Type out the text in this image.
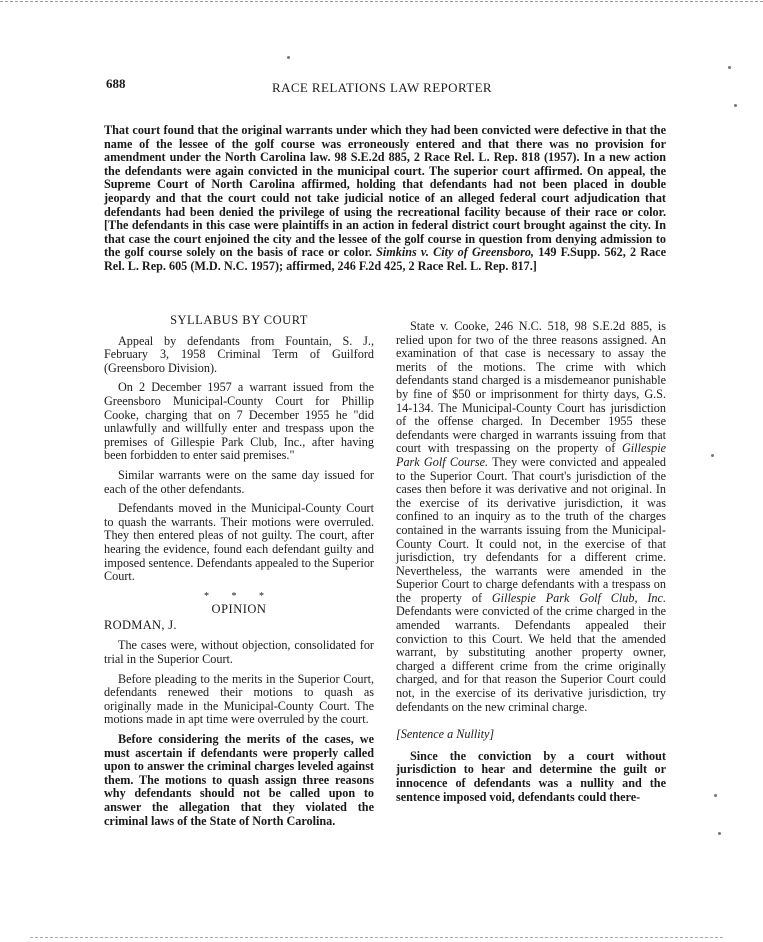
688	RACE RELATIONS LAW REPORTER
That court found that the original warrants under which they had been convicted were defective in that the name of the lessee of the golf course was erroneously entered and that there was no provision for amendment under the North Carolina law. 98 S.E.2d 885, 2 Race Rel. L. Rep. 818 (1957). In a new action the defendants were again convicted in the municipal court. The superior court affirmed. On appeal, the Supreme Court of North Carolina affirmed, holding that defendants had not been placed in double jeopardy and that the court could not take judicial notice of an alleged federal court adjudication that defendants had been denied the privilege of using the recreational facility because of their race or color. [The defendants in this case were plaintiffs in an action in federal district court brought against the city. In that case the court enjoined the city and the lessee of the golf course in question from denying admission to the golf course solely on the basis of race or color. Simkins v. City of Greensboro, 149 F.Supp. 562, 2 Race Rel. L. Rep. 605 (M.D. N.C. 1957); affirmed, 246 F.2d 425, 2 Race Rel. L. Rep. 817.]
SYLLABUS BY COURT

Appeal by defendants from Fountain, S. J., February 3, 1958 Criminal Term of Guilford (Greensboro Division).

On 2 December 1957 a warrant issued from the Greensboro Municipal-County Court for Phillip Cooke, charging that on 7 December 1955 he "did unlawfully and willfully enter and trespass upon the premises of Gillespie Park Club, Inc., after having been forbidden to enter said premises."

Similar warrants were on the same day issued for each of the other defendants.

Defendants moved in the Municipal-County Court to quash the warrants. Their motions were overruled. They then entered pleas of not guilty. The court, after hearing the evidence, found each defendant guilty and imposed sentence. Defendants appealed to the Superior Court.

* * *
OPINION
RODMAN, J.

The cases were, without objection, consolidated for trial in the Superior Court.

Before pleading to the merits in the Superior Court, defendants renewed their motions to quash as originally made in the Municipal-County Court. The motions made in apt time were overruled by the court.

Before considering the merits of the cases, we must ascertain if defendants were properly called upon to answer the criminal charges leveled against them. The motions to quash assign three reasons why defendants should not be called upon to answer the allegation that they violated the criminal laws of the State of North Carolina.

State v. Cooke, 246 N.C. 518, 98 S.E.2d 885, is relied upon for two of the three reasons assigned. An examination of that case is necessary to assay the merits of the motions. The crime with which defendants stand charged is a misdemeanor punishable by fine of $50 or imprisonment for thirty days, G.S. 14-134. The Municipal-County Court has jurisdiction of the offense charged. In December 1955 these defendants were charged in warrants issuing from that court with trespassing on the property of Gillespie Park Golf Course. They were convicted and appealed to the Superior Court. That court's jurisdiction of the cases then before it was derivative and not original. In the exercise of its derivative jurisdiction, it was confined to an inquiry as to the truth of the charges contained in the warrants issuing from the Municipal-County Court. It could not, in the exercise of that jurisdiction, try defendants for a different crime. Nevertheless, the warrants were amended in the Superior Court to charge defendants with a trespass on the property of Gillespie Park Golf Club, Inc. Defendants were convicted of the crime charged in the amended warrants. Defendants appealed their conviction to this Court. We held that the amended warrant, by substituting another property owner, charged a different crime from the crime originally charged, and for that reason the Superior Court could not, in the exercise of its derivative jurisdiction, try defendants on the new criminal charge.

[Sentence a Nullity]

Since the conviction by a court without jurisdiction to hear and determine the guilt or innocence of defendants was a nullity and the sentence imposed void, defendants could there-
